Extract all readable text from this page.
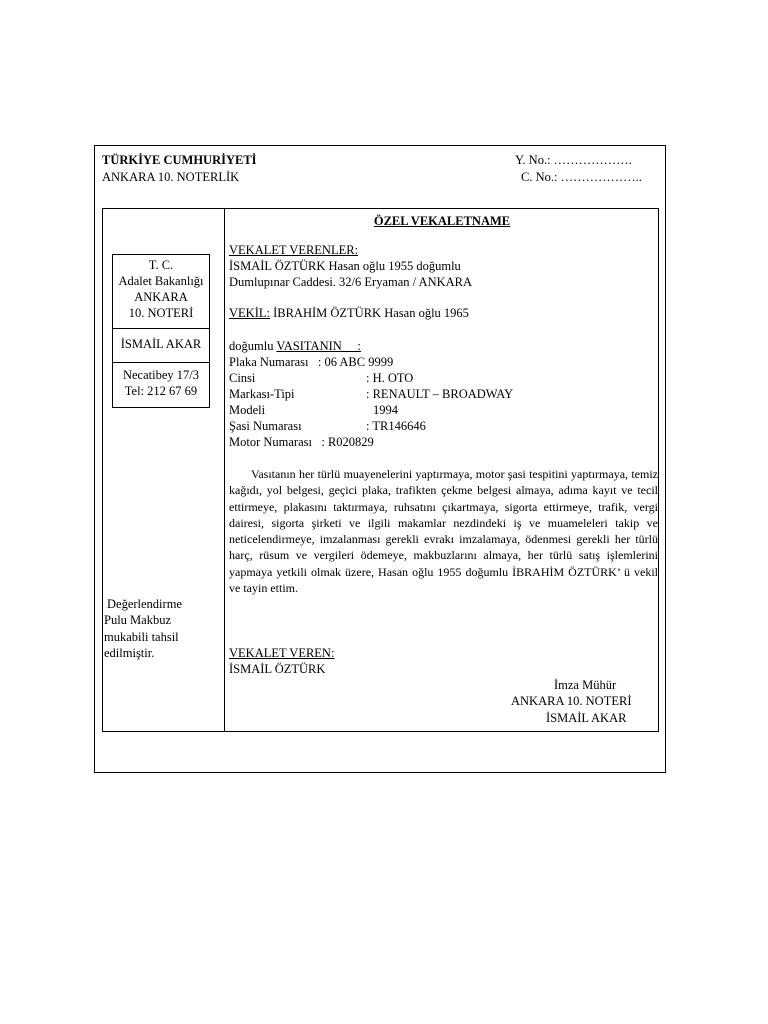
TÜRKİYE CUMHURİYETİ
ANKARA 10. NOTERLİK
Y. No.: ……………….
C. No.: ………………..
ÖZEL VEKALETNAME
T. C.
Adalet Bakanlığı
ANKARA
10. NOTERİ
İSMAİL AKAR
Necatibey 17/3
Tel: 212 67 69
Değerlendirme
Pulu Makbuz
mukabili tahsil
edilmiştir.
VEKALET VERENLER:
İSMAİL ÖZTÜRK Hasan oğlu 1955 doğumlu
Dumlupınar Caddesi. 32/6 Eryaman / ANKARA
VEKİL: İBRAHİM ÖZTÜRK Hasan oğlu 1965
doğumlu VASITANIN     :
Plaka Numarası   : 06 ABC 9999
Cinsi	: H. OTO
Markası-Tipi	: RENAULT – BROADWAY
Modeli	1994
Şasi Numarası	: TR146646
Motor Numarası   : R020829
Vasıtanın her türlü muayenelerini yaptırmaya, motor şasi tespitini yaptırmaya, temiz kağıdı, yol belgesi, geçici plaka, trafikten çekme belgesi almaya, adıma kayıt ve tecil ettirmeye, plakasını taktırmaya, ruhsatını çıkartmaya, sigorta ettirmeye, trafik, vergi dairesi, sigorta şirketi ve ilgili makamlar nezdindeki iş ve muameleleri takip ve neticelendirmeye, imzalanması gerekli evrakı imzalamaya, ödenmesi gerekli her türlü harç, rüsum ve vergileri ödemeye, makbuzlarını almaya, her türlü satış işlemlerini yapmaya yetkili olmak üzere, Hasan oğlu 1955 doğumlu İBRAHİM ÖZTÜRK’ ü vekil ve tayin ettim.
VEKALET VEREN:
İSMAİL ÖZTÜRK
İmza Mühür
ANKARA 10. NOTERİ
İSMAİL AKAR
